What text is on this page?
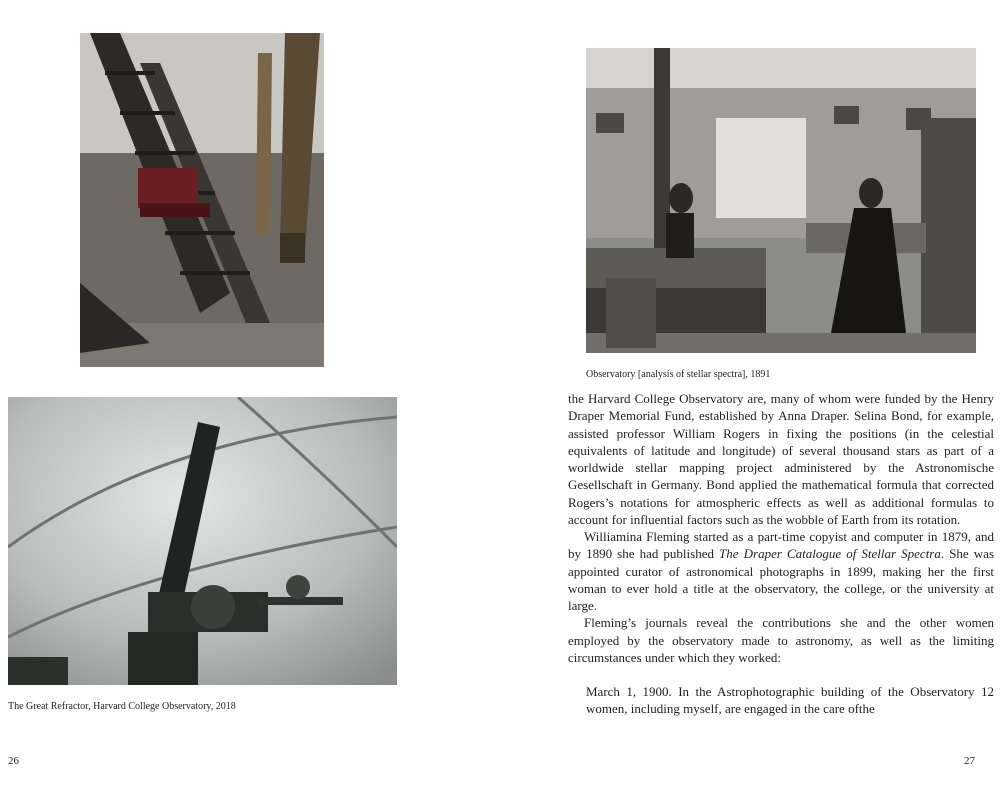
The Great Refractor, Harvard College Observatory, 2018
26
Observatory [analysis of stellar spectra], 1891

the Harvard College Observatory are, many of whom were funded by the Henry Draper Memorial Fund, established by Anna Draper. Selina Bond, for example, assisted professor William Rogers in fixing the positions (in the celestial equivalents of latitude and longitude) of several thousand stars as part of a worldwide stellar mapping project administered by the Astronomische Gesellschaft in Germany. Bond applied the mathematical formula that corrected Rogers’s notations for atmospheric effects as well as additional formulas to account for influential factors such as the wobble of Earth from its rotation.

Williamina Fleming started as a part-time copyist and computer in 1879, and by 1890 she had published The Draper Catalogue of Stellar Spectra. She was appointed curator of astronomical photographs in 1899, making her the first woman to ever hold a title at the observatory, the college, or the university at large.

Fleming’s journals reveal the contributions she and the other women employed by the observatory made to astronomy, as well as the limiting circumstances under which they worked:

March 1, 1900. In the Astrophotographic building of the Observatory 12 women, including myself, are engaged in the care ofthe

27
